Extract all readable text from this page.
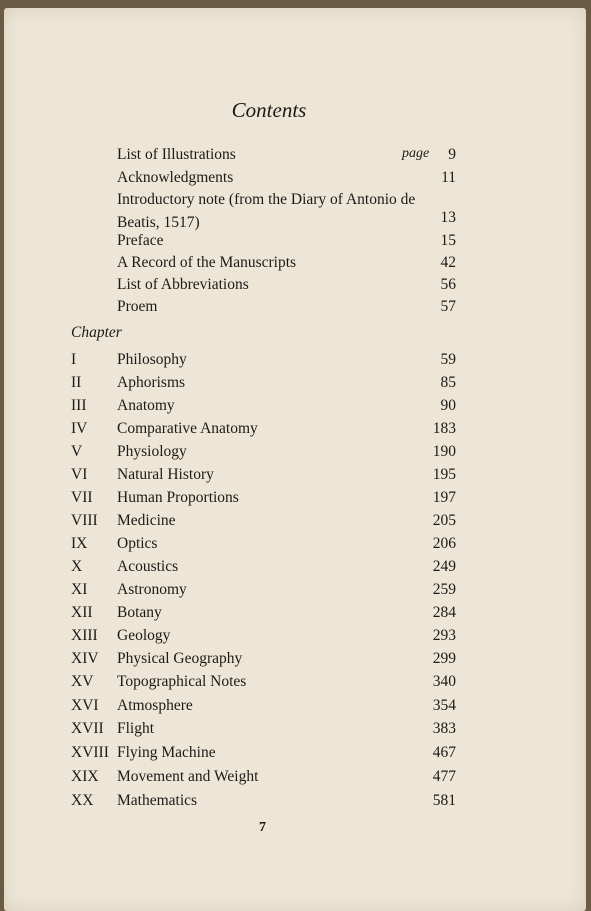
Contents
page
List of Illustrations	9
Acknowledgments	11
Introductory note (from the Diary of Antonio de Beatis, 1517)	13
Preface	15
A Record of the Manuscripts	42
List of Abbreviations	56
Proem	57
Chapter
I	Philosophy	59
II Aphorisms	85
III Anatomy	90
IV Comparative Anatomy	183
V Physiology	190
VI Natural History	195
VII Human Proportions	197
VIII Medicine	205
IX Optics	206
X Acoustics	249
XI Astronomy	259
XII Botany	284
XIII Geology	293
XIV Physical Geography	299
XV Topographical Notes	340
XVI Atmosphere	354
XVII Flight	383
XVIII Flying Machine	467
XIX Movement and Weight	477
XX Mathematics	581
7
